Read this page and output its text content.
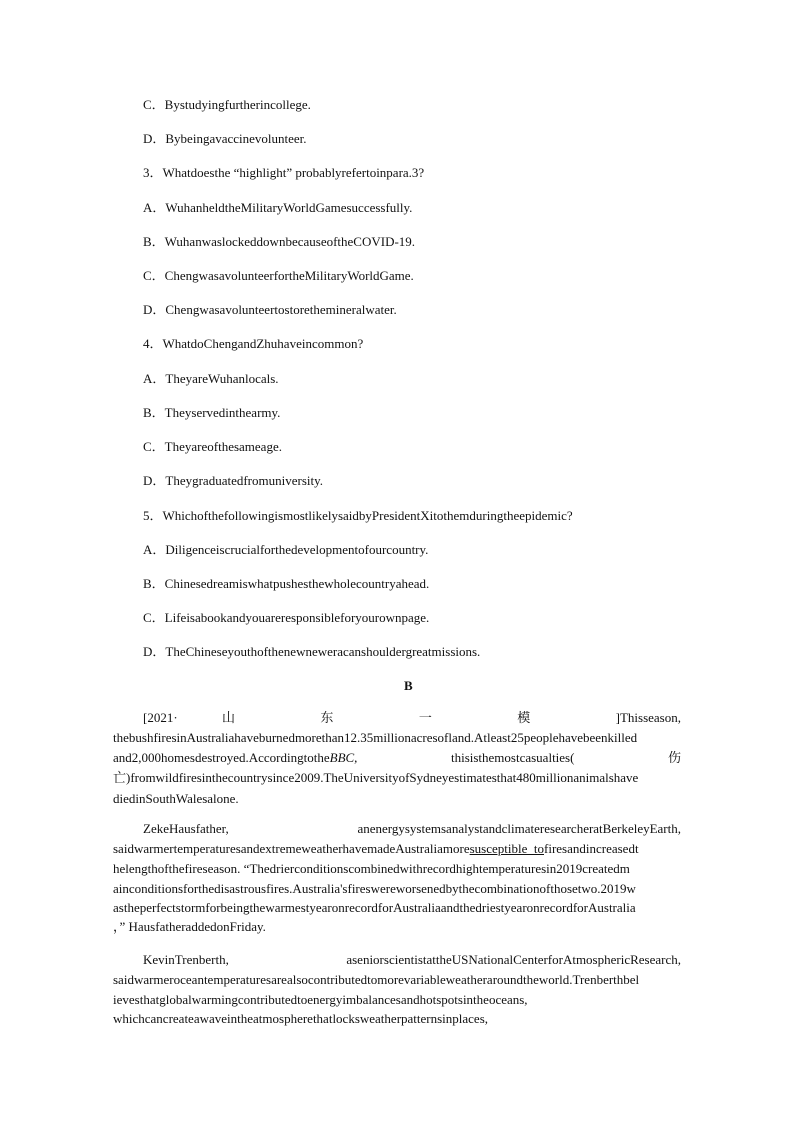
C．Bystudyingfurtherincollege.
D．Bybeingavaccinevolunteer.
3．Whatdoesthe “highlight” probablyrefertoinpara.3?
A．WuhanheldtheMilitaryWorldGamesuccessfully.
B．WuhanwaslockeddownbecauseoftheCOVID-19.
C．ChengwasavolunteerfortheMilitaryWorldGame.
D．Chengwasavolunteertostorethemineralwater.
4．WhatdoChengandZhuhaveincommon?
A．TheyareWuhanlocals.
B．Theyservedinthearmy.
C．Theyareofthesameage.
D．Theygraduatedfromuniversity.
5．WhichofthefollowingismostlikelysaidbyPresidentXitothemduringtheepidemic?
A．Diligenceiscrucialforthedevelopmentofourcountry.
B．Chinesedreamiswhatpushesthewholecountryahead.
C．Lifeisabookandyouareresponsibleforyourownpage.
D．TheChineseyouthofthenewneweracanshouldergreatmissions.
B
[2021·	山	东	一	模	]Thisseason,
thebushfiresinAustraliahaveburnedmorethan12.35millionacresofland.Atleast25peoplehavebeenkilled
and2,000homesdestroyed.AccordingtotheBBC,	thisisthemostcasualties(	伤
亡)fromwildfiresinthecountrysince2009.TheUniversityofSydneyestimatesthat480millionanimalshave
diedinSouthWalesalone.
ZekeHausfather,	anenergysystemsanalystandclimateresearcheratBerkeleyEarth,
saidwarmertemperaturesandextremeweatherhavemadeAustraliamoresusceptible  tofiresandincreasedt
helengthofthefireseason. “Thedrierconditionscombinedwithrecordhightemperaturesin2019createdm
ainconditionsforthedisastrousfires.Australia'sfireswereworsenedbythecombinationofthosetwo.2019w
astheperfectstormforbeingthewarmestyearonrecordforAustraliaandthedriestyearonrecordforAustralia
，” HausfatheraddedonFriday.
KevinTrenberth,	aseniorscientistattheUSNationalCenterforAtmosphericResearch,
saidwarmeroceantemperaturesarealsocontributedtomorevariableweatheraroundtheworld.Trenberthbel
ievesthatglobalwarmingcontributedtoenergyimbalancesandhotspotsintheoceans,
whichcancreateawaveintheatmospherethatlocksweatherpatternsinplaces,
